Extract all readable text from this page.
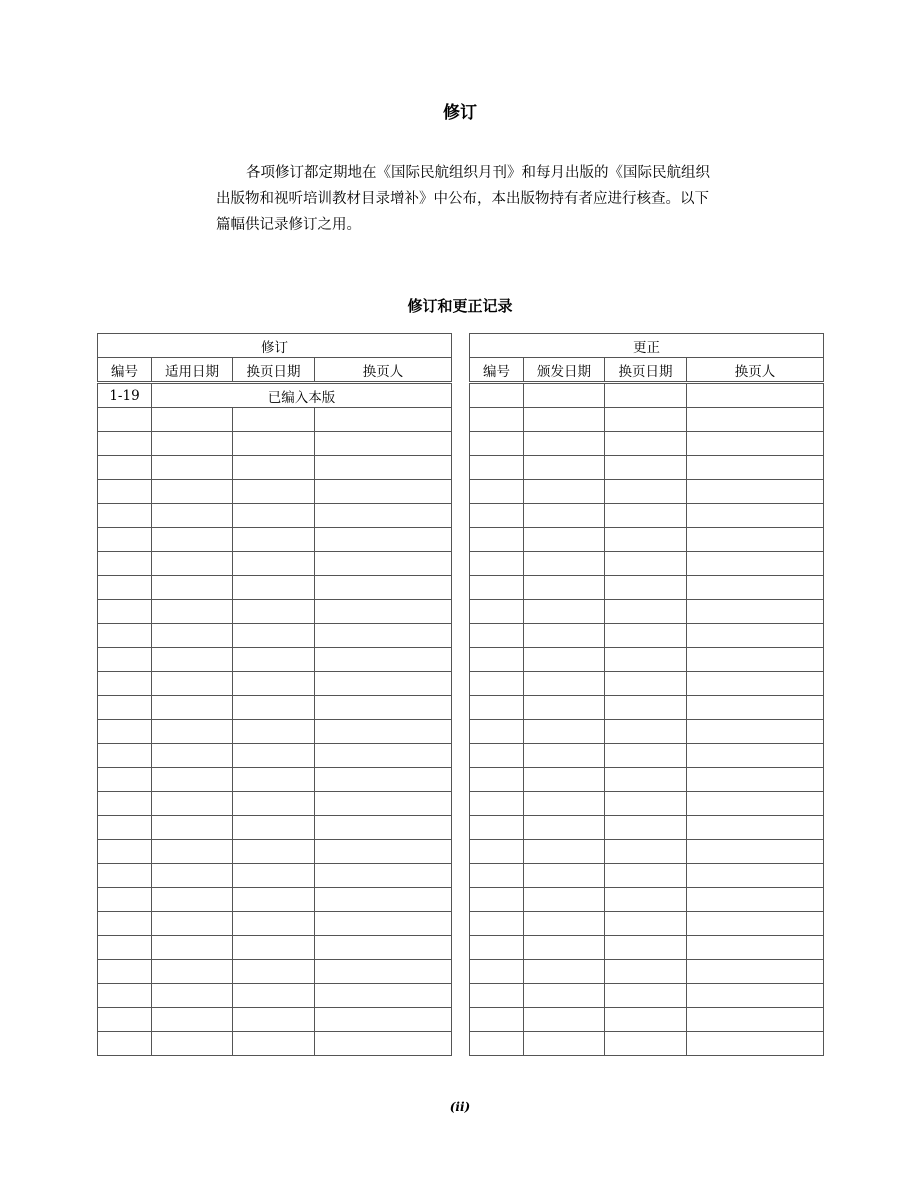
修订

各项修订都定期地在《国际民航组织月刊》和每月出版的《国际民航组织出版物和视听培训教材目录增补》中公布，本出版物持有者应进行核查。以下篇幅供记录修订之用。

修订和更正记录
修订			
编号	适用日期	换页日期	换页人
1-19	已编入本版		

更正			
编号	颁发日期	换页日期	换页人

(ii)
